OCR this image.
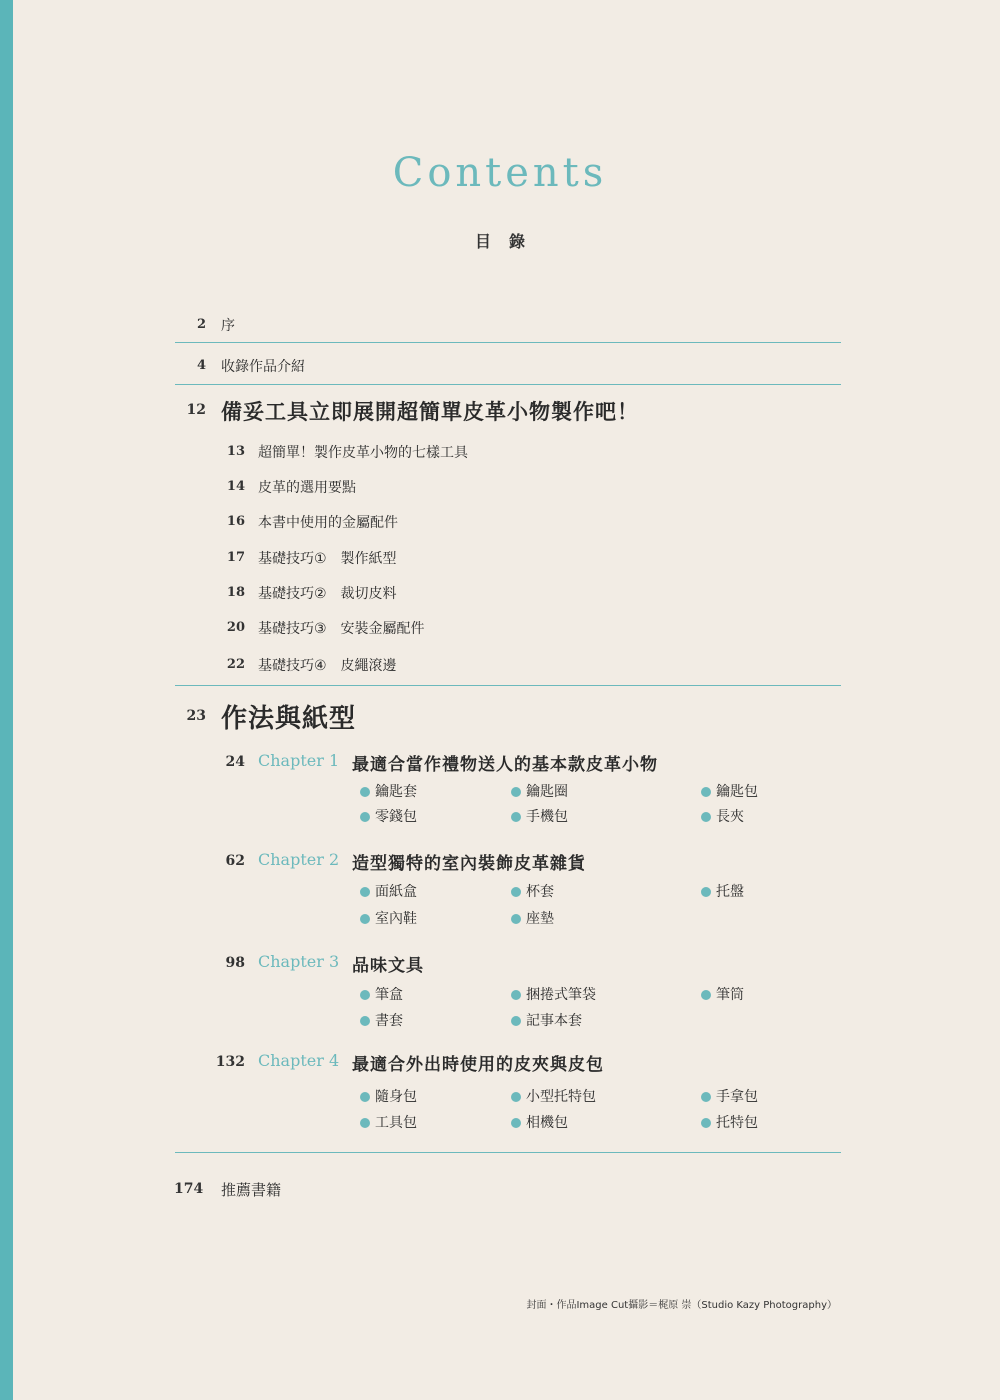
Contents
目錄
2 序
4 收錄作品介紹
12 備妥工具立即展開超簡單皮革小物製作吧！
13 超簡單！製作皮革小物的七樣工具
14 皮革的選用要點
16 本書中使用的金屬配件
17 基礎技巧①　製作紙型
18 基礎技巧②　裁切皮料
20 基礎技巧③　安裝金屬配件
22 基礎技巧④　皮繩滾邊
23 作法與紙型
24 Chapter 1 最適合當作禮物送人的基本款皮革小物
鑰匙套	鑰匙圈	鑰匙包
零錢包	手機包	長夾
62 Chapter 2 造型獨特的室內裝飾皮革雜貨
面紙盒	杯套	托盤
室內鞋	座墊
98 Chapter 3 品味文具
筆盒	捆捲式筆袋	筆筒
書套	記事本套
132 Chapter 4 最適合外出時使用的皮夾與皮包
隨身包	小型托特包	手拿包
工具包	相機包	托特包
174 推薦書籍
封面・作品Image Cut攝影＝梶原 崇（Studio Kazy Photography）
